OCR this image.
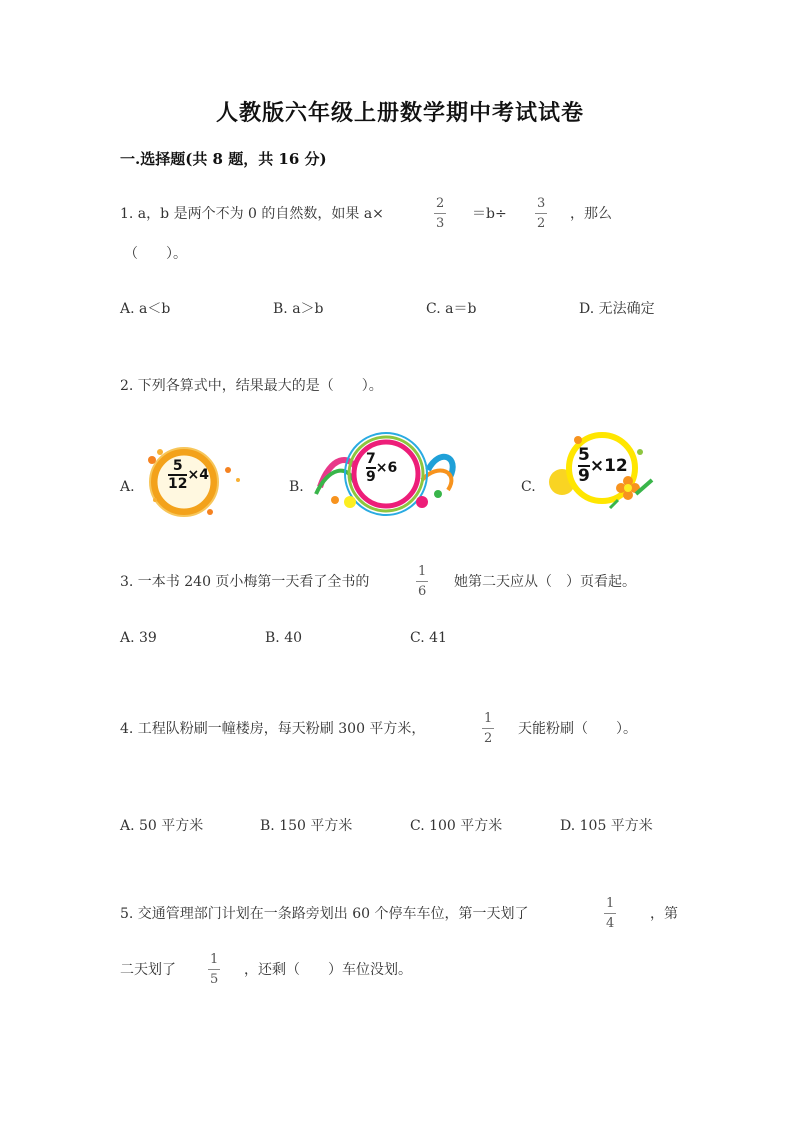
人教版六年级上册数学期中考试试卷
一.选择题(共 8 题，共 16 分)
1. a，b 是两个不为 0 的自然数，如果 a×	$\frac{2}{3} =b\div \frac{3}{2}$ ，那么
（　　）。
A. a＜b	B. a＞b	C. a＝b	D. 无法确定
2. 下列各算式中，结果最大的是（　　）。
A. $\frac{5}{12} \times 4$
B.
$\frac{7}{9} \times 6$
C.
$\frac{5}{9} \times 12$
3. 一本书 240 页小梅第一天看了全书的	$\frac{1}{6}$ 她第二天应从（　）页看起。
A. 39	B. 40	C. 41
4. 工程队粉刷一幢楼房，每天粉刷 300 平方米，	$\frac{1}{2}$ 天能粉刷（　　）。
A. 50 平方米	B. 150 平方米	C. 100 平方米	D. 105 平方米
5. 交通管理部门计划在一条路旁划出 60 个停车车位，第一天划了	$\frac{1}{4}$ ，第
二天划了 $\frac{1}{5}$ ，还剩（　　）车位没划。
